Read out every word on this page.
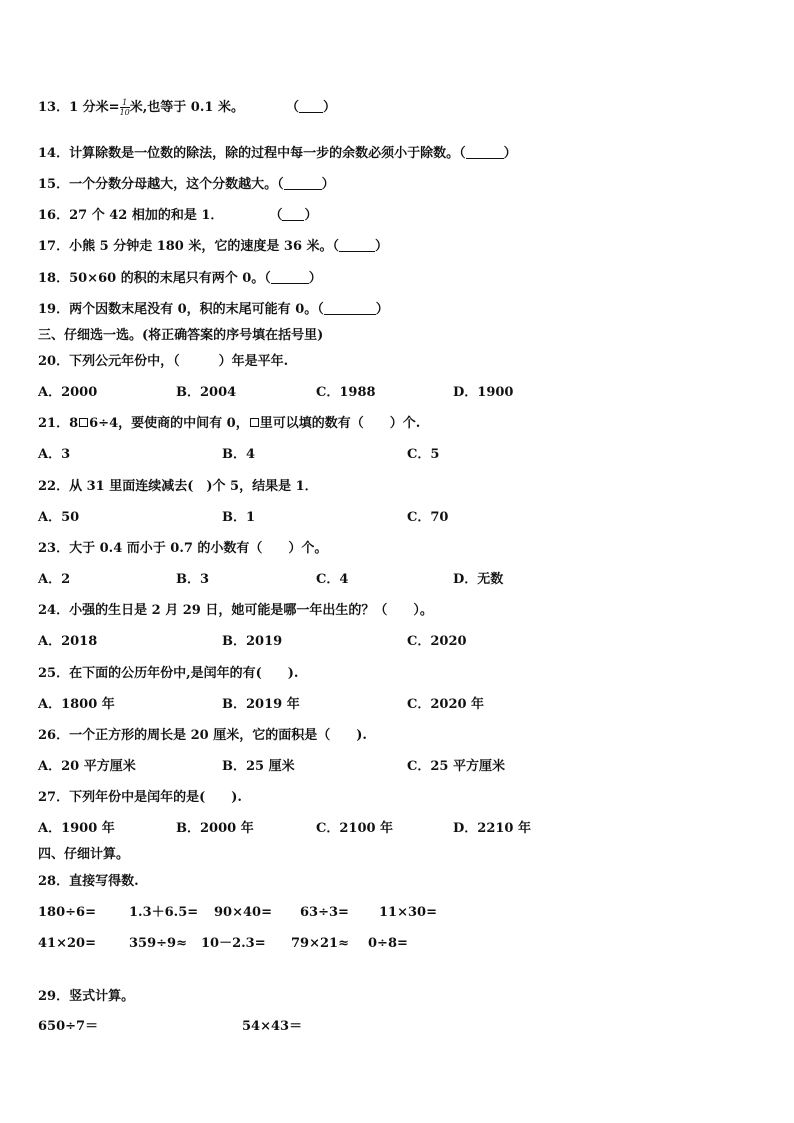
13．1 分米= $\frac{1}{10}$ 米,也等于 0.1 米。	（ ）
14．计算除数是一位数的除法，除的过程中每一步的余数必须小于除数。（	）
15．一个分数分母越大，这个分数越大。（	）
16．27 个 42 相加的和是 1．	（ ）
17．小熊 5 分钟走 180 米，它的速度是 36 米。（	）
18．50×60 的积的末尾只有两个 0。（	）
19．两个因数末尾没有 0，积的末尾可能有 0。（	）
三、仔细选一选。(将正确答案的序号填在括号里)
20．下列公元年份中，（　　　）年是平年.
A．2000	B．2004	C．1988	D．1900
21．8 6÷4，要使商的中间有 0， 里可以填的数有（　　）个.
A．3	B．4	C．5
22．从 31 里面连续减去(　)个 5，结果是 1．
A．50	B．1	C．70
23．大于 0.4 而小于 0.7 的小数有（　　）个。
A．2	B．3	C．4	D．无数
24．小强的生日是 2 月 29 日，她可能是哪一年出生的？（　　）。
A．2018	B．2019	C．2020
25．在下面的公历年份中,是闰年的有(　　).
A．1800 年	B．2019 年	C．2020 年
26．一个正方形的周长是 20 厘米，它的面积是（　　).
A．20 平方厘米	B．25 厘米	C．25 平方厘米
27．下列年份中是闰年的是(　　).
A．1900 年	B．2000 年	C．2100 年	D．2210 年
四、仔细计算。
28．直接写得数.
180÷6=	1.3＋6.5= 90×40= 63÷3= 11×30=
41×20=	359÷9≈ 10－2.3= 79×21≈ 0÷8=
29．竖式计算。
650÷7＝	54×43＝
